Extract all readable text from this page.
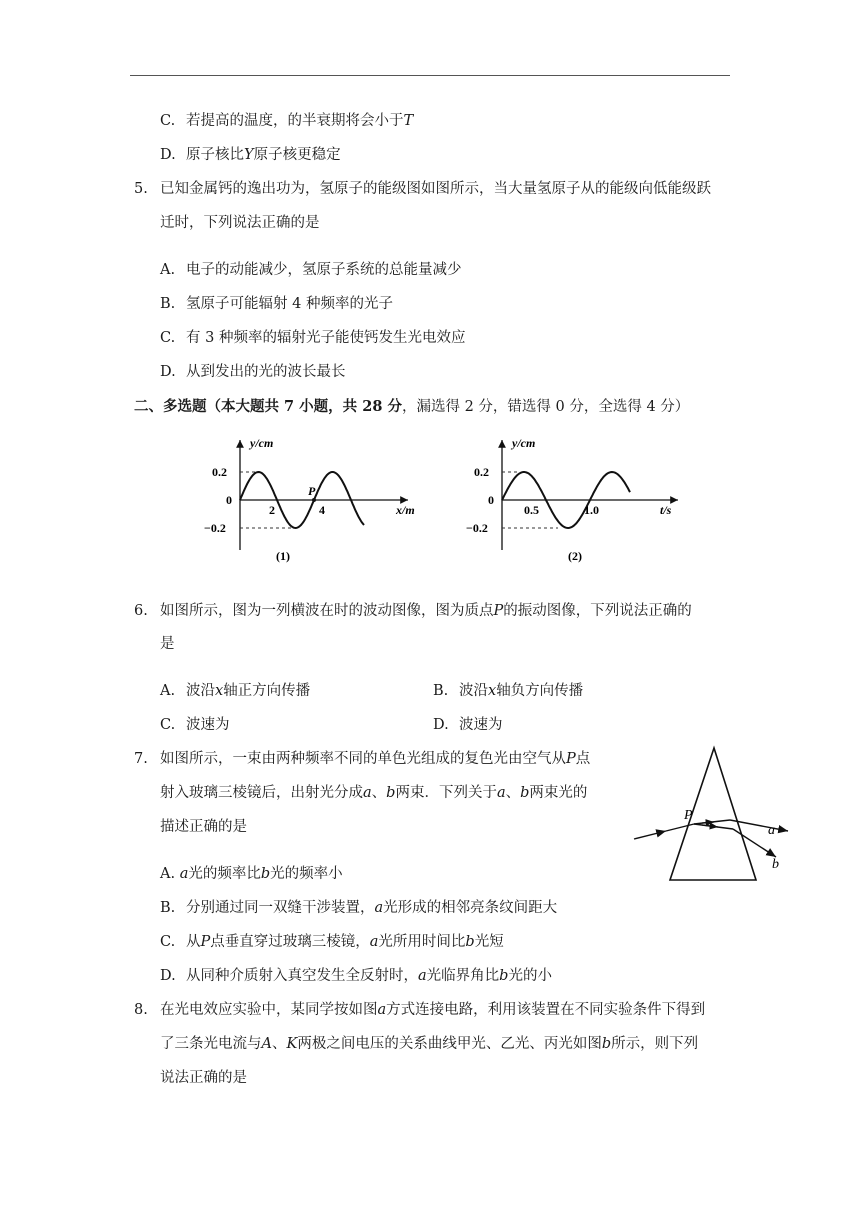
C. 若提高的温度，的半衰期将会小于T
D. 原子核比Y原子核更稳定
5. 已知金属钙的逸出功为，氢原子的能级图如图所示，当大量氢原子从的能级向低能级跃
迁时，下列说法正确的是
A. 电子的动能减少，氢原子系统的总能量减少
B. 氢原子可能辐射 4 种频率的光子
C. 有 3 种频率的辐射光子能使钙发生光电效应
D. 从到发出的光的波长最长
二、多选题（本大题共 7 小题，共 28 分，漏选得 2 分，错选得 0 分，全选得 4 分）
y/cm
0.2
0
−0.2
2	4
P
x/m
(1)
y/cm
0.2
0
−0.2
0.5	1.0	t/s
(2)
6. 如图所示，图为一列横波在时的波动图像，图为质点P的振动图像，下列说法正确的
是
A. 波沿x轴正方向传播	B. 波沿x轴负方向传播
C. 波速为	D. 波速为
7. 如图所示，一束由两种频率不同的单色光组成的复色光由空气从P点
射入玻璃三棱镜后，出射光分成a、b两束．下列关于a、b两束光的
描述正确的是
P
a
b
A. a光的频率比b光的频率小
B. 分别通过同一双缝干涉装置，a光形成的相邻亮条纹间距大
C. 从P点垂直穿过玻璃三棱镜，a光所用时间比b光短
D. 从同种介质射入真空发生全反射时，a光临界角比b光的小
8. 在光电效应实验中，某同学按如图a方式连接电路，利用该装置在不同实验条件下得到
了三条光电流与A、K两极之间电压的关系曲线甲光、乙光、丙光如图b所示，则下列
说法正确的是
